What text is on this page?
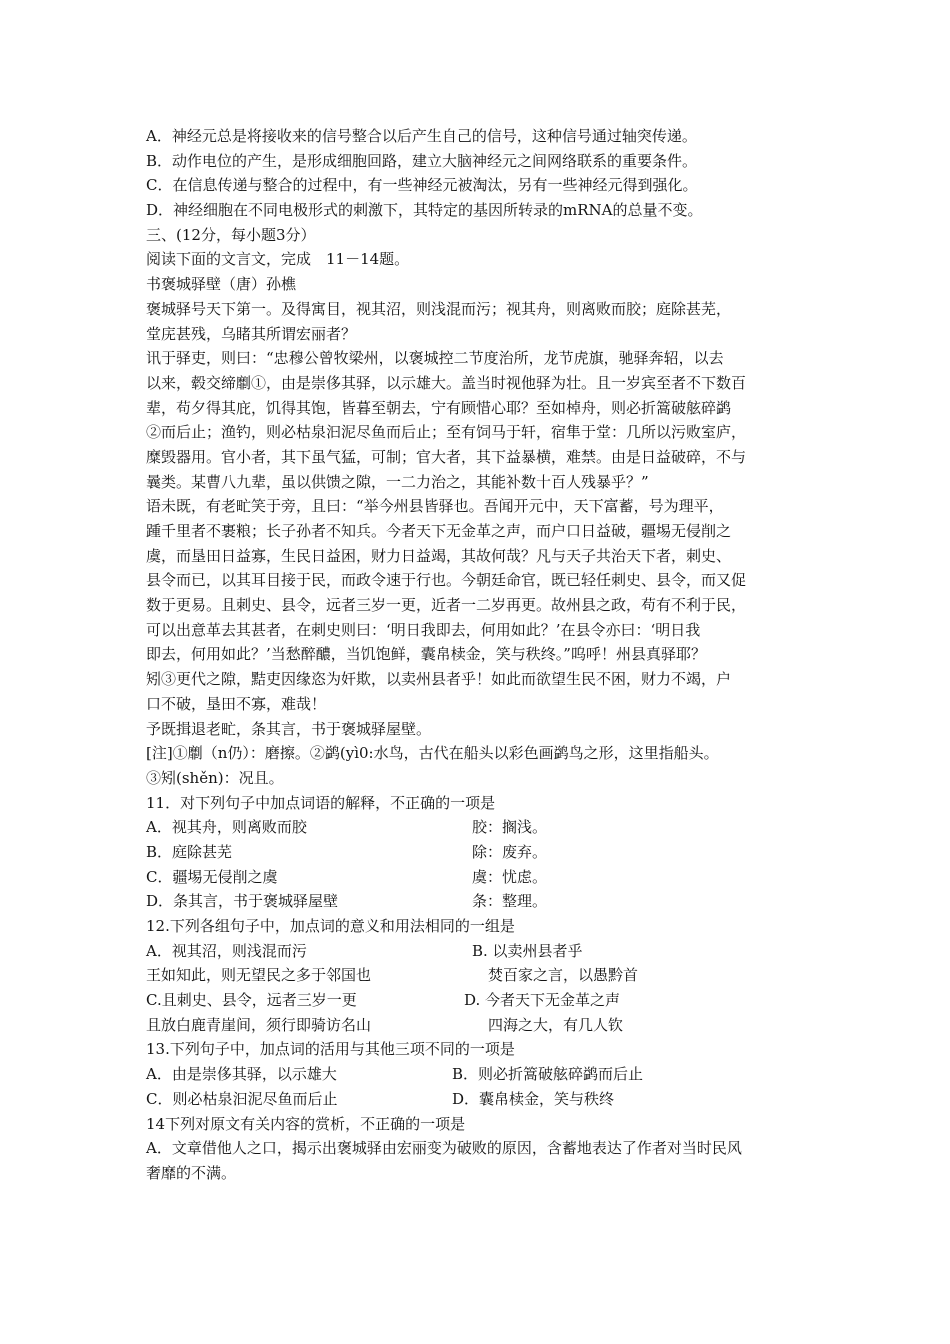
A．神经元总是将接收来的信号整合以后产生自己的信号，这种信号通过轴突传递。
B．动作电位的产生，是形成细胞回路，建立大脑神经元之间网络联系的重要条件。
C．在信息传递与整合的过程中，有一些神经元被淘汰，另有一些神经元得到强化。
D．神经细胞在不同电极形式的刺激下，其特定的基因所转录的mRNA的总量不变。
三、(12分，每小题3分）
阅读下面的文言文，完成　11－14题。
书褒城驿壁（唐）孙樵
褒城驿号天下第一。及得寓目，视其沼，则浅混而污；视其舟，则离败而胶；庭除甚芜，
堂庑甚残，乌睹其所谓宏丽者？
讯于驿吏，则曰：“忠穆公曾牧梁州，以褒城控二节度治所，龙节虎旗，驰驿奔轺，以去
以来，毂交缔劘①，由是崇侈其驿，以示雄大。盖当时视他驿为壮。且一岁宾至者不下数百
辈，苟夕得其庇，饥得其饱，皆暮至朝去，宁有顾惜心耶？至如棹舟，则必折篙破舷碎鹢
②而后止；渔钓，则必枯泉汩泥尽鱼而后止；至有饲马于轩，宿隼于堂：几所以污败室庐，
糜毁器用。官小者，其下虽气猛，可制；官大者，其下益暴横，难禁。由是日益破碎，不与
曩类。某曹八九辈，虽以供馈之隙，一二力治之，其能补数十百人残暴乎？”
语未既，有老甿笑于旁，且曰：“举今州县皆驿也。吾闻开元中，天下富蓄，号为理平，
踵千里者不裹粮；长子孙者不知兵。今者天下无金革之声，而户口日益破，疆埸无侵削之
虞，而垦田日益寡，生民日益困，财力日益竭，其故何哉？凡与天子共治天下者，刺史、
县令而已，以其耳目接于民，而政令速于行也。今朝廷命官，既已轻任刺史、县令，而又促
数于更易。且刺史、县令，远者三岁一更，近者一二岁再更。故州县之政，苟有不利于民，
可以出意革去其甚者，在刺史则曰：‘明日我即去，何用如此？’在县令亦曰：‘明日我
即去，何用如此？’当愁醉醲，当饥饱鲜，囊帛椟金，笑与秩终。”呜呼！州县真驿耶？
矧③更代之隙，黠吏因缘恣为奸欺，以卖州县者乎！如此而欲望生民不困，财力不竭，户
口不破，垦田不寡，难哉！
予既揖退老甿，条其言，书于褒城驿屋壁。
[注]①劘（n仍）：磨擦。②鹢(yì0:水鸟，古代在船头以彩色画鹢鸟之形，这里指船头。
③矧(shěn)：况且。
11．对下列句子中加点词语的解释，不正确的一项是
A．视其舟，则离败而胶	胶：搁浅。
B．庭除甚芜	除：废弃。
C．疆埸无侵削之虞	虞：忧虑。
D．条其言，书于褒城驿屋壁	条：整理。
12.下列各组句子中，加点词的意义和用法相同的一组是
A．视其沼，则浅混而污	B. 以卖州县者乎
王如知此，则无望民之多于邻国也	焚百家之言，以愚黔首
C.且刺史、县令，远者三岁一更	D. 今者天下无金革之声
且放白鹿青崖间，须行即骑访名山	四海之大，有几人钦
13.下列句子中，加点词的活用与其他三项不同的一项是
A．由是崇侈其驿，以示雄大	B．则必折篙破舷碎鹢而后止
C．则必枯泉汩泥尽鱼而后止	D．囊帛椟金，笑与秩终
14下列对原文有关内容的赏析，不正确的一项是
A．文章借他人之口，揭示出褒城驿由宏丽变为破败的原因，含蓄地表达了作者对当时民风
奢靡的不满。
